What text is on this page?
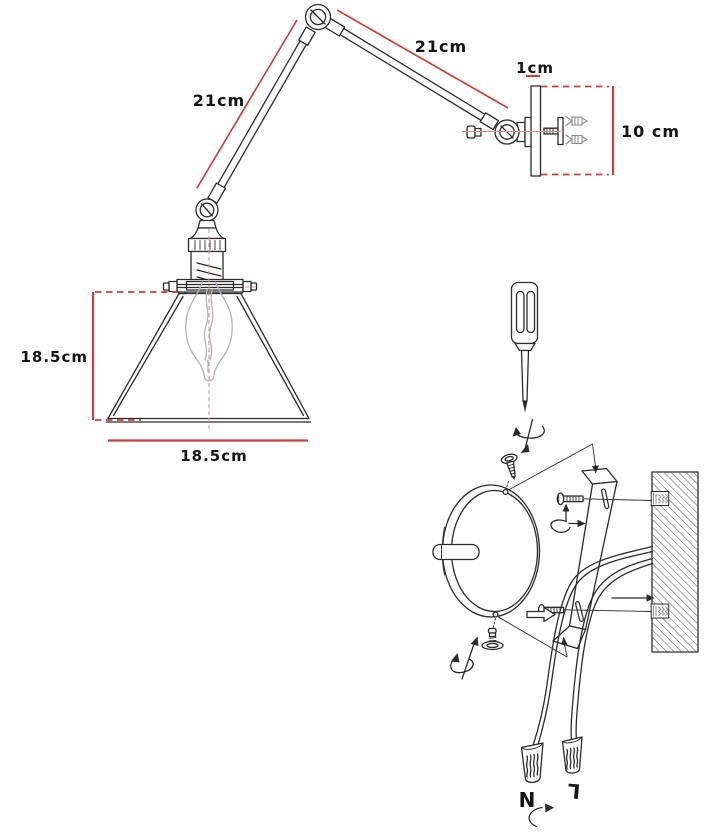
21cm
21cm
1cm
10 cm
18.5cm
18.5cm
N L
